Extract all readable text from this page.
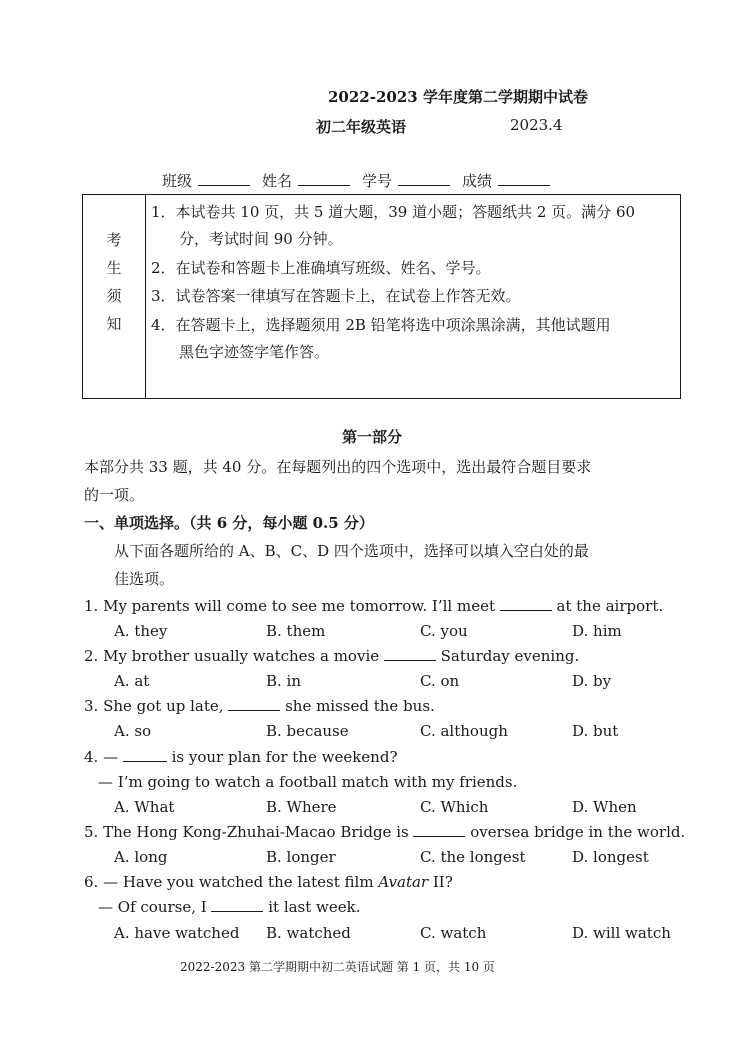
2022-2023 学年度第二学期期中试卷
初二年级英语	2023.4
班级	姓名	学号	成绩
考
生
须
知
1．本试卷共 10 页，共 5 道大题，39 道小题；答题纸共 2 页。满分 60
分，考试时间 90 分钟。
2．在试卷和答题卡上准确填写班级、姓名、学号。
3．试卷答案一律填写在答题卡上，在试卷上作答无效。
4．在答题卡上，选择题须用 2B 铅笔将选中项涂黑涂满，其他试题用
黑色字迹签字笔作答。
第一部分
本部分共 33 题，共 40 分。在每题列出的四个选项中，选出最符合题目要求
的一项。
一、单项选择。（共 6 分，每小题 0.5 分）
从下面各题所给的 A、B、C、D 四个选项中，选择可以填入空白处的最
佳选项。
1. My parents will come to see me tomorrow. I’ll meet	at the airport.
A. they	B. them	C. you	D. him
2. My brother usually watches a movie	Saturday evening.
A. at	B. in	C. on	D. by
3. She got up late,	she missed the bus.
A. so	B. because	C. although	D. but
4. —	is your plan for the weekend?
— I’m going to watch a football match with my friends.
A. What	B. Where	C. Which	D. When
5. The Hong Kong-Zhuhai-Macao Bridge is	oversea bridge in the world.
A. long	B. longer	C. the longest	D. longest
6. — Have you watched the latest film Avatar II?
— Of course, I	it last week.
A. have watched B. watched	C. watch	D. will watch
2022-2023 第二学期期中初二英语试题 第 1 页，共 10 页
